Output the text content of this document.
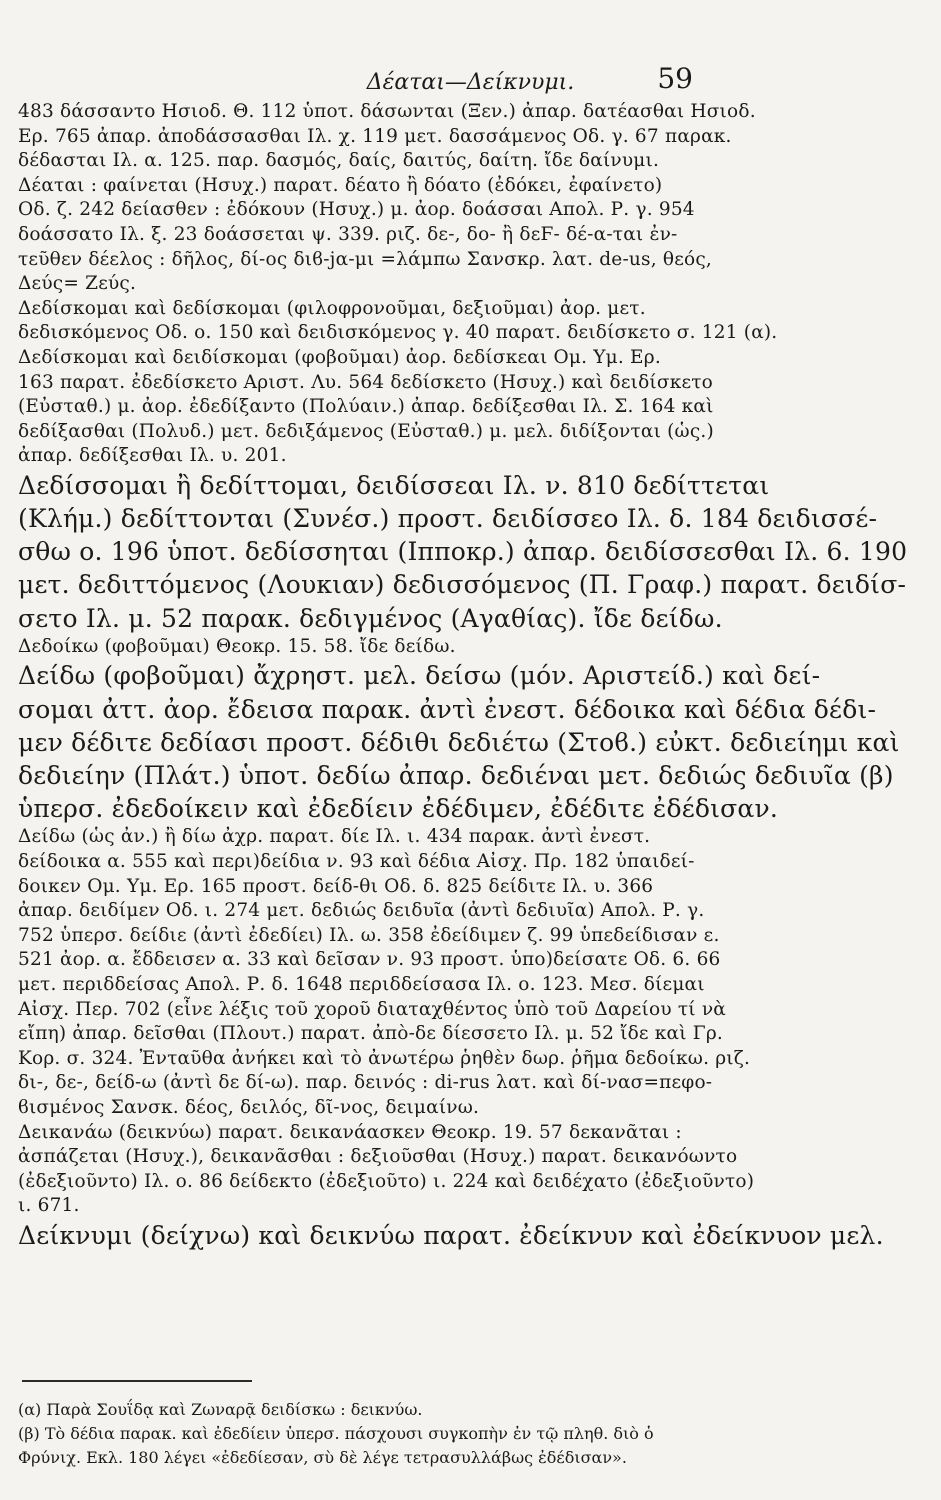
Δέαται—Δείκνυμι.	59
483 δάσσαντο Ησιοδ. Θ. 112 ὑποτ. δάσωνται (Ξεν.) ἀπαρ. δατέασθαι Ησιοδ.
Ερ. 765 ἀπαρ. ἀποδάσσασθαι Ιλ. χ. 119 μετ. δασσάμενος Οδ. γ. 67 παρακ.
δέδασται Ιλ. α. 125. παρ. δασμός, δαίς, δαιτύς, δαίτη. ἴδε δαίνυμι.
Δέαται : φαίνεται (Ησυχ.) παρατ. δέατο ἢ δόατο (ἐδόκει, ἐφαίνετο)
Οδ. ζ. 242 δείασθεν : ἐδόκουν (Ησυχ.) μ. ἀορ. δοάσσαι Απολ. Ρ. γ. 954
δοάσσατο Ιλ. ξ. 23 δοάσσεται ψ. 339. ριζ. δε-, δο- ἢ δεϜ- δέ-α-ται ἐν-
τεῦθεν δέελος : δῆλος, δί-ος διϐ-jα-μι =λάμπω Σανσκρ. λατ. de-us, θεός,
Δεύς= Ζεύς.
Δεδίσκομαι καὶ δεδίσκομαι (φιλοφρονοῦμαι, δεξιοῦμαι) ἀορ. μετ.
δεδισκόμενος Οδ. ο. 150 καὶ δειδισκόμενος γ. 40 παρατ. δειδίσκετο σ. 121 (α).
Δεδίσκομαι καὶ δειδίσκομαι (φοβοῦμαι) ἀορ. δεδίσκεαι Ομ. Υμ. Ερ.
163 παρατ. ἐδεδίσκετο Αριστ. Λυ. 564 δεδίσκετο (Ησυχ.) καὶ δειδίσκετο
(Εὐσταθ.) μ. ἀορ. ἐδεδίξαντο (Πολύαιν.) ἀπαρ. δεδίξεσθαι Ιλ. Σ. 164 καὶ
δεδίξασθαι (Πολυδ.) μετ. δεδιξάμενος (Εὐσταθ.) μ. μελ. διδίξονται (ὡς.)
ἀπαρ. δεδίξεσθαι Ιλ. υ. 201.
Δεδίσσομαι ἢ δεδίττομαι, δειδίσσεαι Ιλ. ν. 810 δεδίττεται
(Κλήμ.) δεδίττονται (Συνέσ.) προστ. δειδίσσεο Ιλ. δ. 184 δειδισσέ-
σθω ο. 196 ὑποτ. δεδίσσηται (Ιπποκρ.) ἀπαρ. δειδίσσεσθαι Ιλ. 6. 190
μετ. δεδιττόμενος (Λουκιαν) δεδισσόμενος (Π. Γραφ.) παρατ. δειδίσ-
σετο Ιλ. μ. 52 παρακ. δεδιγμένος (Αγαθίας). ἴδε δείδω.
Δεδοίκω (φοβοῦμαι) Θεοκρ. 15. 58. ἴδε δείδω.
Δείδω (φοβοῦμαι) ἄχρηστ. μελ. δείσω (μόν. Αριστείδ.) καὶ δεί-
σομαι ἀττ. ἀορ. ἔδεισα παρακ. ἀντὶ ἐνεστ. δέδοικα καὶ δέδια δέδι-
μεν δέδιτε δεδίασι προστ. δέδιθι δεδιέτω (Στοϐ.) εὐκτ. δεδιείημι καὶ
δεδιείην (Πλάτ.) ὑποτ. δεδίω ἀπαρ. δεδιέναι μετ. δεδιώς δεδιυῖα (β)
ὑπερσ. ἐδεδοίκειν καὶ ἐδεδίειν ἐδέδιμεν, ἐδέδιτε ἐδέδισαν.
Δείδω (ὡς ἀν.) ἢ δίω ἀχρ. παρατ. δίε Ιλ. ι. 434 παρακ. ἀντὶ ἐνεστ.
δείδοικα α. 555 καὶ περι)δείδια ν. 93 καὶ δέδια Αἰσχ. Πρ. 182 ὑπαιδεί-
δοικεν Ομ. Υμ. Ερ. 165 προστ. δείδ-θι Οδ. δ. 825 δείδιτε Ιλ. υ. 366
ἀπαρ. δειδίμεν Οδ. ι. 274 μετ. δεδιώς δειδυῖα (ἀντὶ δεδιυῖα) Απολ. Ρ. γ.
752 ὑπερσ. δείδιε (ἀντὶ ἐδεδίει) Ιλ. ω. 358 ἐδείδιμεν ζ. 99 ὑπεδείδισαν ε.
521 ἀορ. α. ἔδδεισεν α. 33 καὶ δεῖσαν ν. 93 προστ. ὑπο)δείσατε Οδ. 6. 66
μετ. περιδδείσας Απολ. Ρ. δ. 1648 περιδδείσασα Ιλ. ο. 123. Μεσ. δίεμαι
Αἰσχ. Περ. 702 (εἶνε λέξις τοῦ χοροῦ διαταχθέντος ὑπὸ τοῦ Δαρείου τί νὰ
εἴπη) ἀπαρ. δεῖσθαι (Πλουτ.) παρατ. ἀπὸ-δε δίεσσετο Ιλ. μ. 52 ἴδε καὶ Γρ.
Κορ. σ. 324. Ἐνταῦθα ἀνήκει καὶ τὸ ἀνωτέρω ῥηθὲν δωρ. ῥῆμα δεδοίκω. ριζ.
δι-, δε-, δείδ-ω (ἀντὶ δε δί-ω). παρ. δεινός : di-rus λατ. καὶ δί-νασ=πεφο-
ϐισμένος Σανσκ. δέος, δειλός, δῖ-νος, δειμαίνω.
Δεικανάω (δεικνύω) παρατ. δεικανάασκεν Θεοκρ. 19. 57 δεκανᾶται :
ἀσπάζεται (Ησυχ.), δεικανᾶσθαι : δεξιοῦσθαι (Ησυχ.) παρατ. δεικανόωντο
(ἐδεξιοῦντο) Ιλ. ο. 86 δείδεκτο (ἐδεξιοῦτο) ι. 224 καὶ δειδέχατο (ἐδεξιοῦντο)
ι. 671.
Δείκνυμι (δείχνω) καὶ δεικνύω παρατ. ἐδείκνυν καὶ ἐδείκνυον μελ.
(α) Παρὰ Σουΐδᾳ καὶ Ζωναρᾷ δειδίσκω : δεικνύω.
(β) Τὸ δέδια παρακ. καὶ ἐδεδίειν ὑπερσ. πάσχουσι συγκοπὴν ἐν τῷ πληθ. διὸ ὁ
Φρύνιχ. Εκλ. 180 λέγει «ἐδεδίεσαν, σὺ δὲ λέγε τετρασυλλάβως ἐδέδισαν».
